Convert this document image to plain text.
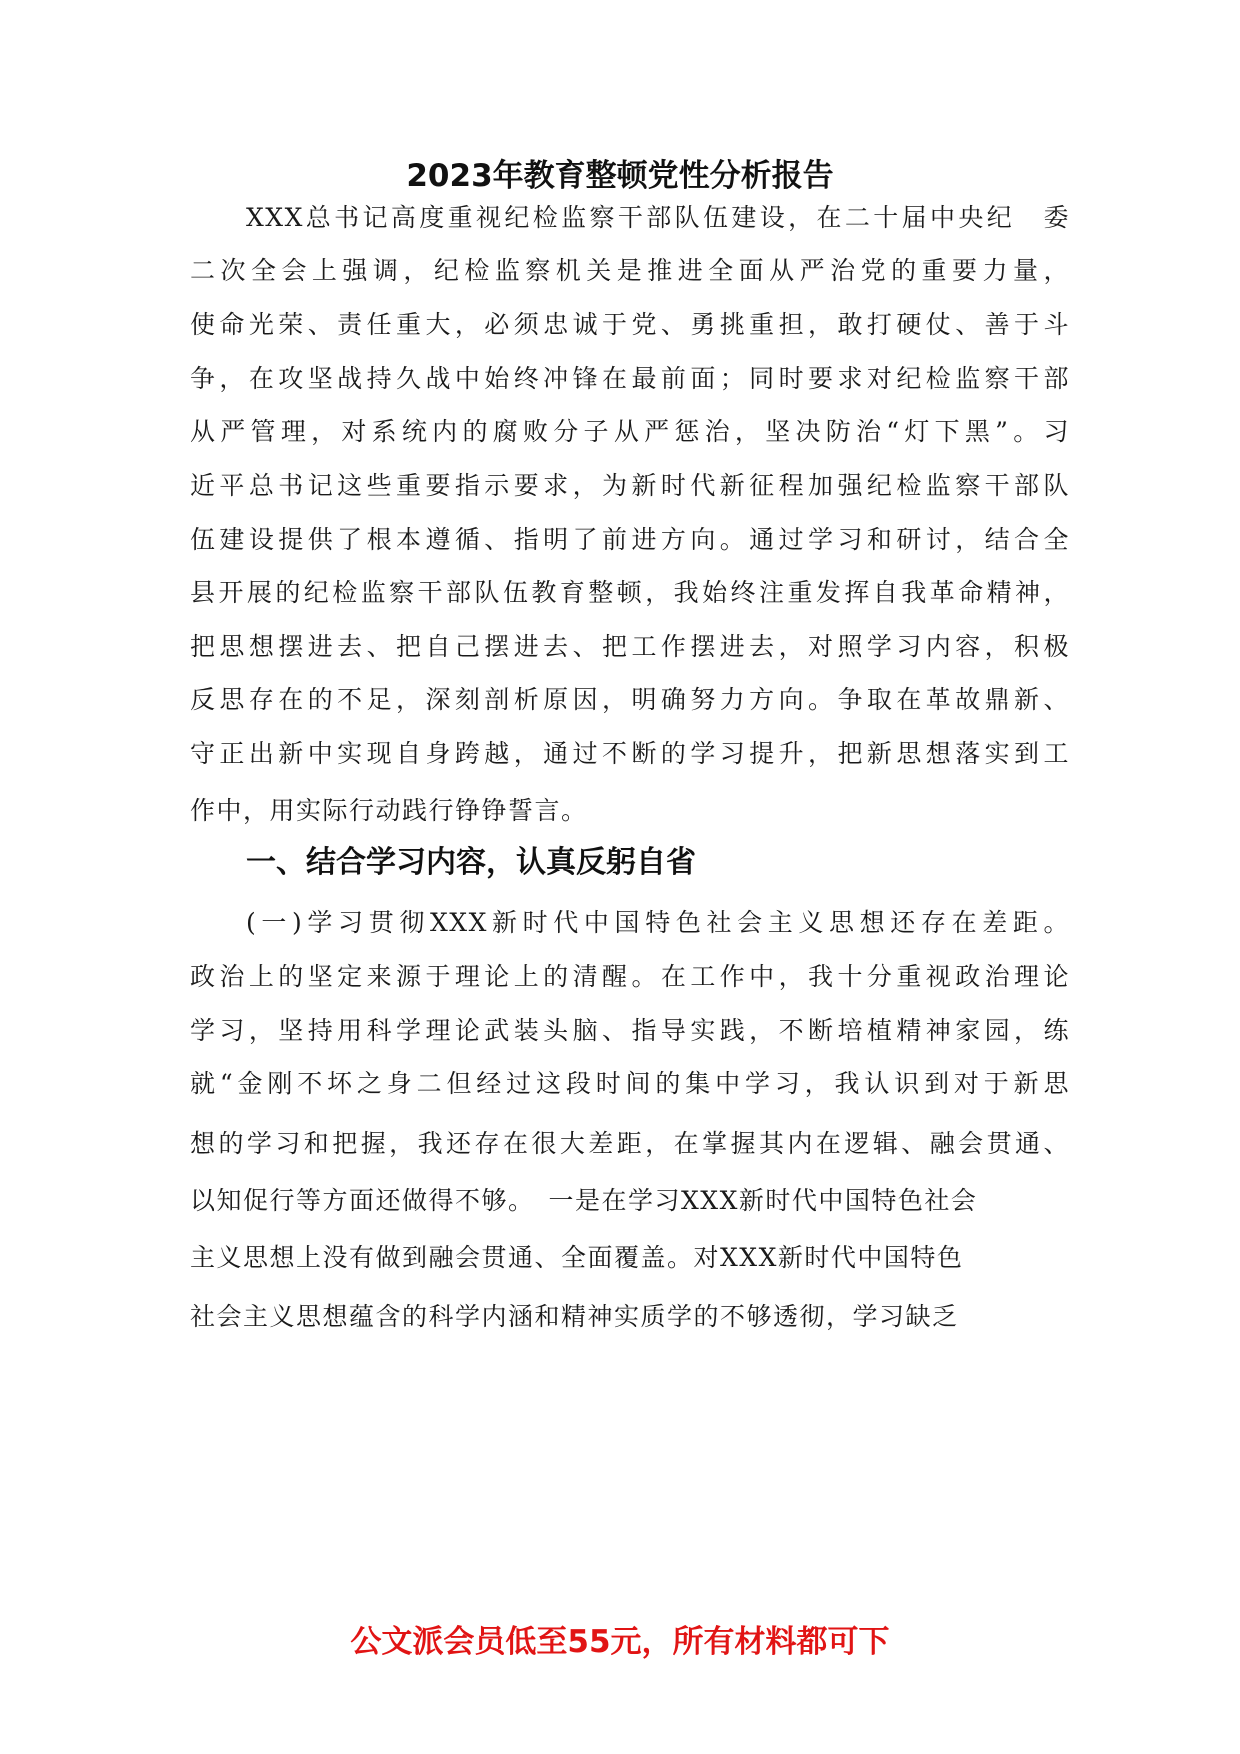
2023年教育整顿党性分析报告
XXX总书记高度重视纪检监察干部队伍建设，在二十届中央纪　委
二次全会上强调，纪检监察机关是推进全面从严治党的重要力量，
使命光荣、责任重大，必须忠诚于党、勇挑重担，敢打硬仗、善于斗
争，在攻坚战持久战中始终冲锋在最前面；同时要求对纪检监察干部
从严管理，对系统内的腐败分子从严惩治，坚决防治“灯下黑”。习
近平总书记这些重要指示要求，为新时代新征程加强纪检监察干部队
伍建设提供了根本遵循、指明了前进方向。通过学习和研讨，结合全
县开展的纪检监察干部队伍教育整顿，我始终注重发挥自我革命精神，
把思想摆进去、把自己摆进去、把工作摆进去，对照学习内容，积极
反思存在的不足，深刻剖析原因，明确努力方向。争取在革故鼎新、
守正出新中实现自身跨越，通过不断的学习提升，把新思想落实到工
作中，用实际行动践行铮铮誓言。
一、结合学习内容，认真反躬自省
(一)学习贯彻XXX新时代中国特色社会主义思想还存在差距。
政治上的坚定来源于理论上的清醒。在工作中，我十分重视政治理论
学习，坚持用科学理论武装头脑、指导实践，不断培植精神家园，练
就“金刚不坏之身二但经过这段时间的集中学习，我认识到对于新思
想的学习和把握，我还存在很大差距，在掌握其内在逻辑、融会贯通、
以知促行等方面还做得不够。　一是在学习XXX新时代中国特色社会
主义思想上没有做到融会贯通、全面覆盖。对XXX新时代中国特色
社会主义思想蕴含的科学内涵和精神实质学的不够透彻，学习缺乏
公文派会员低至55元，所有材料都可下
